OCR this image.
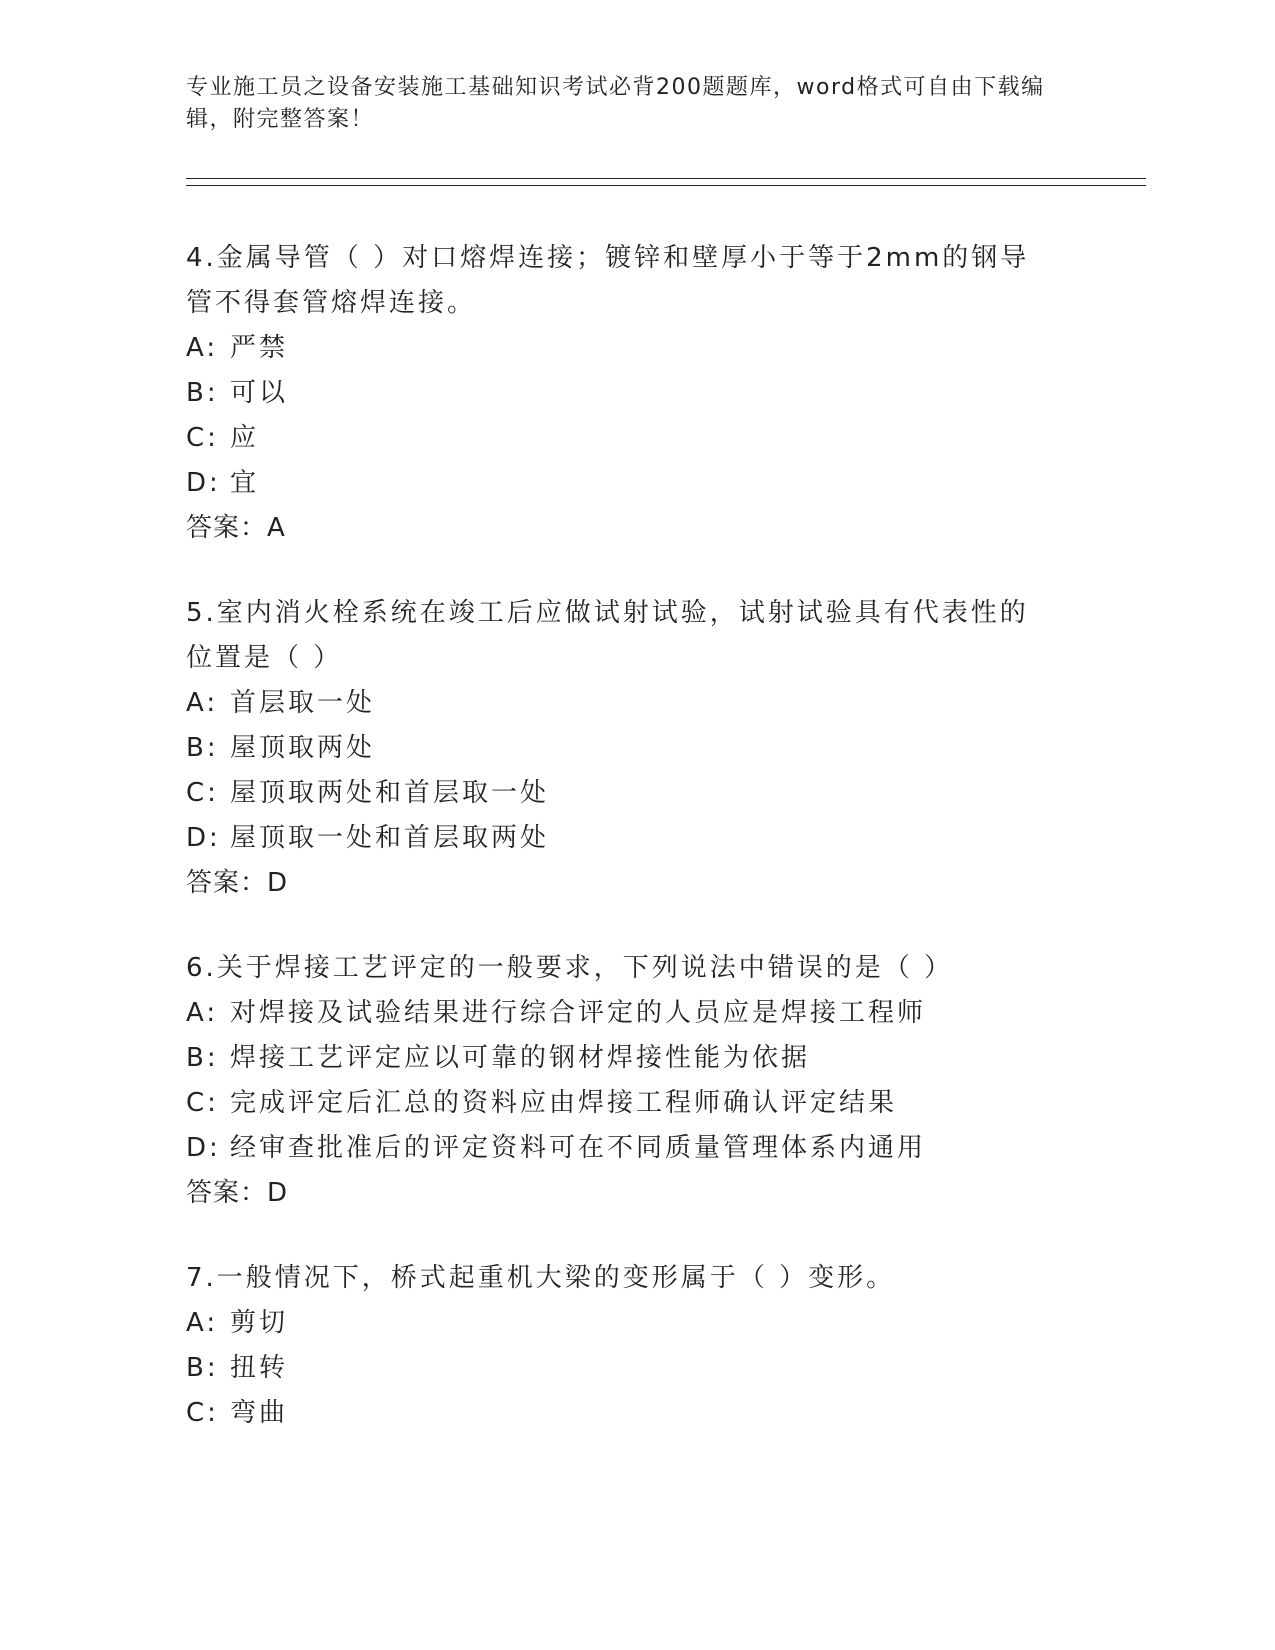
专业施工员之设备安装施工基础知识考试必背200题题库，word格式可自由下载编辑，附完整答案！

4.金属导管（ ）对口熔焊连接；镀锌和壁厚小于等于2mm的钢导管不得套管熔焊连接。

A: 严禁

B: 可以

C: 应

D: 宜

答案：A

5.室内消火栓系统在竣工后应做试射试验，试射试验具有代表性的位置是（ ）

A: 首层取一处

B: 屋顶取两处

C: 屋顶取两处和首层取一处

D: 屋顶取一处和首层取两处

答案：D

6.关于焊接工艺评定的一般要求，下列说法中错误的是（ ）

A: 对焊接及试验结果进行综合评定的人员应是焊接工程师

B: 焊接工艺评定应以可靠的钢材焊接性能为依据

C: 完成评定后汇总的资料应由焊接工程师确认评定结果

D: 经审查批准后的评定资料可在不同质量管理体系内通用

答案：D

7.一般情况下，桥式起重机大梁的变形属于（ ）变形。

A: 剪切

B: 扭转

C: 弯曲
